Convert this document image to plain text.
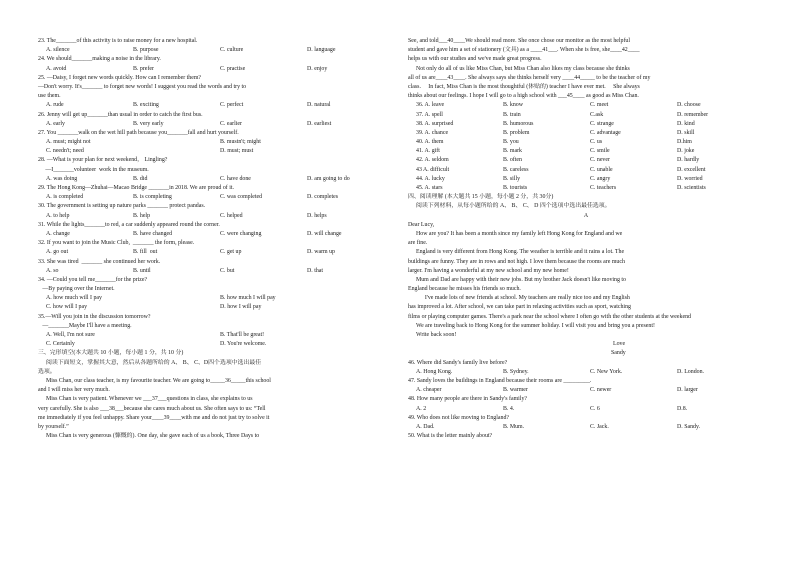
23. The_______of this activity is to raise money for a new hospital.
A. silence	B. purpose	C. culture	D. language
24. We should_______making a noise in the library.
A. avoid	B. prefer	C. practise	D. enjoy
25. —Daisy, I forget new words quickly. How can I remember them?
—Don't worry. It's_______ to forget new words! I suggest you read the words and try to
use them.
A. rude	B. exciting	C. perfect	D. natural
26. Jenny will get up_______than usual in order to catch the first bus.
A. early	B. very early	C. earlier	D. earliest
27. You _______walk on the wet hill path because you_______fall and hurt yourself.
A. must; might not	B. mustn't; might
C. needn't; need	D. must; must
28. —What is your plan for next weekend， Lingling?
—I_______volunteer  work in the museum.
A. was doing	B. did	C. have done	D. am going to do
29. The Hong Kong—Zhuhai—Macao Bridge _______in 2018. We are proud of it.
A. is completed	B. is completing	C. was completed	D. completes
30. The government is setting up nature parks _______ protect pandas.
A. to help	B. help	C. helped	D. helps
31. While the lights_______to red, a car suddenly appeared round the corner.
A. change	B. have changed	C. were changing	D. will change
32. If you want to join the Music Club,  _______ the form, please.
A. go out	B. fill  out	C. get up	D. warm up
33. She was tired  _______ she continued her work.
A. so	B. until	C. but	D. that
34. —Could you tell me_______for the prize?
—By paying over the Internet.
A. how much will I pay	B. how much I will pay
C. how will I pay	D. how I will pay
35.—Will you join in the discussion tomorrow?
—_______Maybe I'll have a meeting.
A. Well, I'm not sure	B. That'll be great!
C. Certainly	D. You're welcome.
三、完形填空(本大题共 10 小题，每小题 1 分，共 10 分)
阅读下面短文，掌握其大意，然后从各题所给的 A、 B、 C、D四个选项中选出最佳
选项。
Miss Chan, our class teacher, is my favourite teacher. We are going to_____36_____this school
and I will miss her very much.
Miss Chan is very patient. Whenever we ___37___questions in class, she explains to us
very carefully. She is also ___38___because she cares much about us. She often says to us: “Tell
me immediately if you feel unhappy. Share your____39____with me and do not just try to solve it
by yourself.”
Miss Chan is very generous (慷慨的). One day, she gave each of us a book, Three Days to
See, and told___40____We should read more. She once chose our monitor as the most helpful
student and gave him a set of stationery (文具) as a ____41___. When she is free, she____42____
helps us with our studies and we've made great progress.
Not only do all of us like Miss Chan, but Miss Chan also likes my class because she thinks
all of us are____43____. She always says she thinks herself very ____44_____ to be the teacher of my
class.     In fact, Miss Chan is the most thoughtful (体贴的) teacher I have ever met.     She always
thinks about our feelings. I hope I will go to a high school with ___45____ as good as Miss Chan.
36. A. leave	B. know	C. meet	D. choose
37. A. spell	B. train	C.ask	D. remember
38. A. surprised	B. humorous	C. strange	D. kind
39. A. chance	B. problem	C. advantage	D. skill
40. A. them	B. you	C. us	D.him
41. A. gift	B. mark	C. smile	D. joke
42. A. seldom	B. often	C. never	D. hardly
43 A. difficult	B. careless	C. unable	D. excellent
44. A. lucky	B. silly	C. angry	D. worried
45. A. stars	B. tourists	C. teachers	D. scientists
四、阅读理解 (本大题共 15 小题，每小题 2 分，共 30分)
阅读下列材料，从每小题所给的 A、 B、 C、 D 四个选项中选出最佳选项。
A
Dear Lucy,
How are you? It has been a month since my family left Hong Kong for England and we
are fine.
England is very different from Hong Kong. The weather is terrible and it rains a lot. The
buildings are funny. They are in rows and not high. I love them because the rooms are much
larger. I'm having a wonderful at my new school and my new home!
Mum and Dad are happy with their new jobs. But my brother Jack doesn't like moving to
England because he misses his friends so much.
I've made lots of new friends at school. My teachers are really nice too and my English
has improved a lot. After school, we can take part in relaxing activities such as sport, watching
films or playing computer games. There's a park near the school where I often go with the other students at the weekend
We are traveling back to Hong Kong for the summer holiday. I will visit you and bring you a present!
Write back soon!
Love
Sandy
46. Where did Sandy's family live before?
A. Hong Kong.	B. Sydney.	C. New York.	D. London.
47. Sandy loves the buildings in England because their rooms are _________.
A. cheaper	B. warmer	C. newer	D. larger
48. How many people are there in Sandy's family?
A. 2	B. 4.	C. 6	D.8.
49. Who does not like moving to England?
A. Dad.	B. Mum.	C. Jack.	D. Sandy.
50. What is the letter mainly about?
